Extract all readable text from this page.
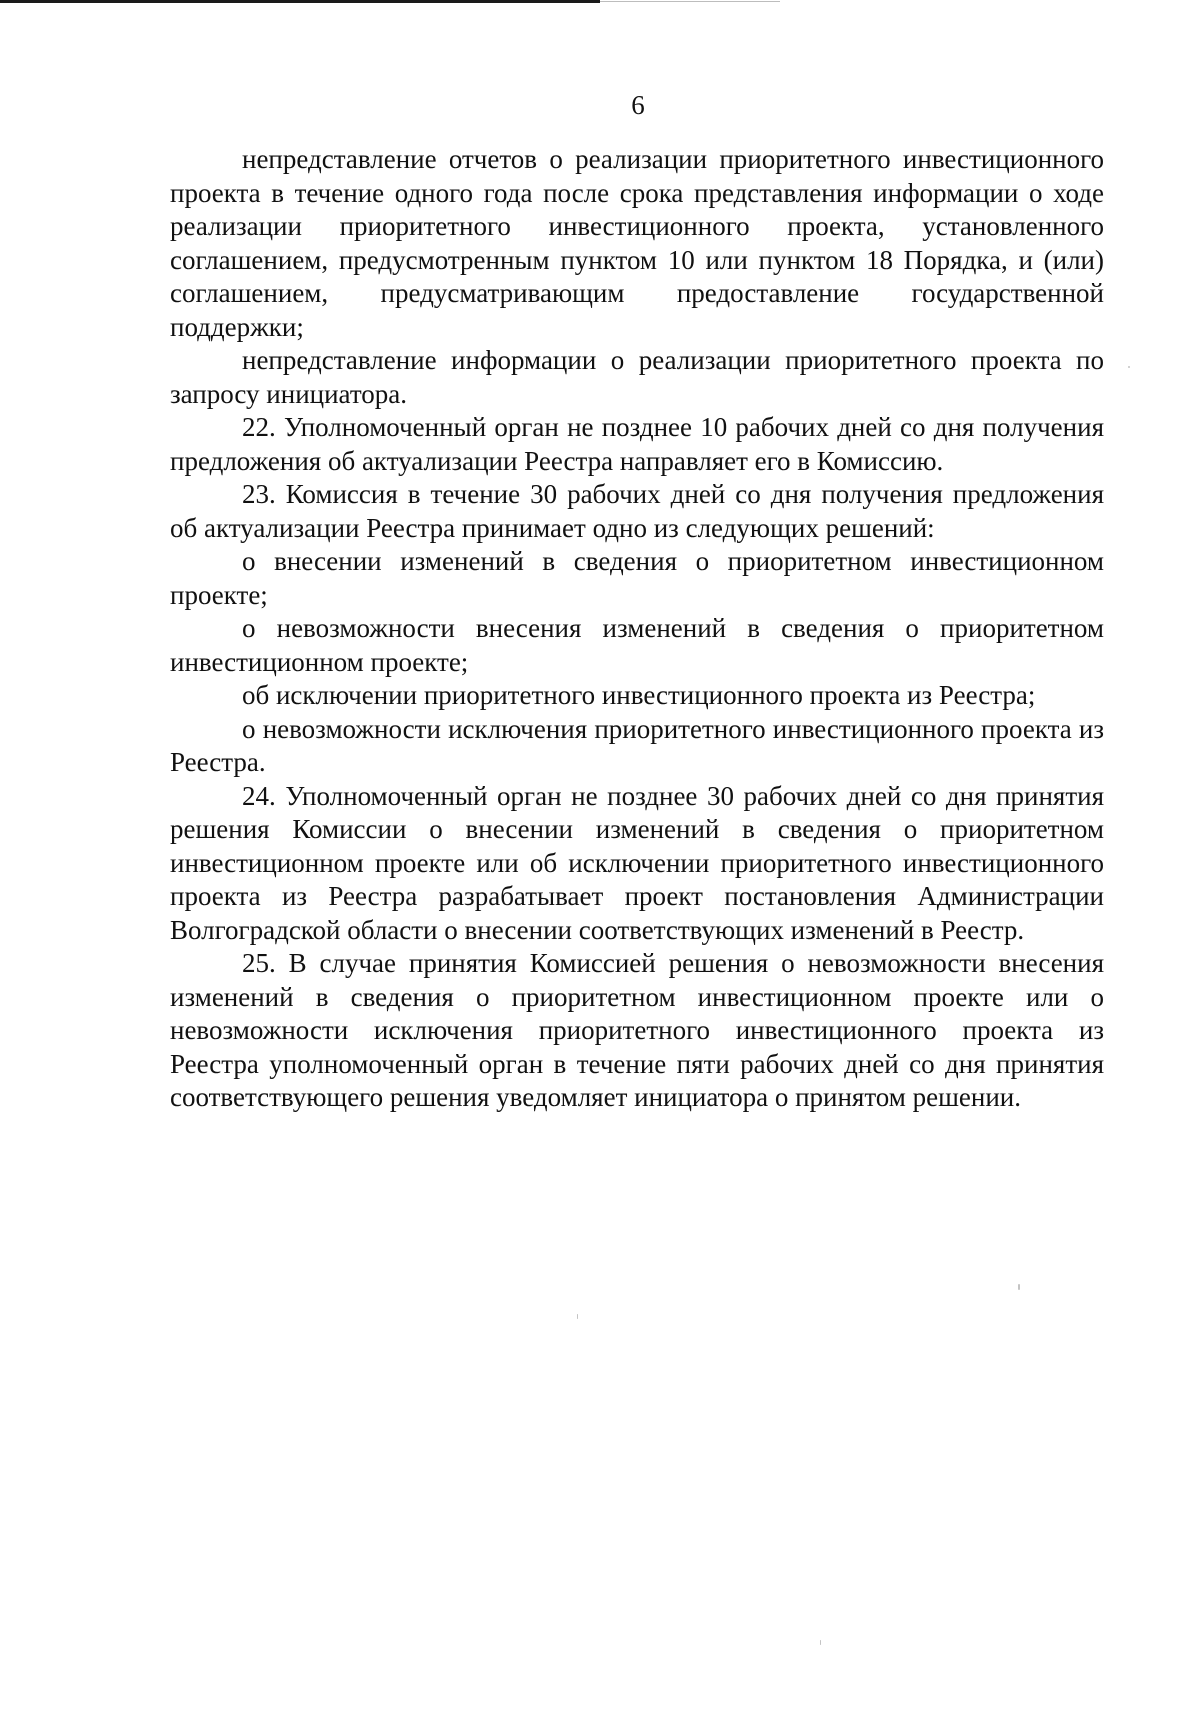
6

непредставление отчетов о реализации приоритетного инвестиционного проекта в течение одного года после срока представления информации о ходе реализации приоритетного инвестиционного проекта, установленного соглашением, предусмотренным пунктом 10 или пунктом 18 Порядка, и (или) соглашением, предусматривающим предоставление государственной поддержки;

непредставление информации о реализации приоритетного проекта по запросу инициатора.

22. Уполномоченный орган не позднее 10 рабочих дней со дня получения предложения об актуализации Реестра направляет его в Комиссию.

23. Комиссия в течение 30 рабочих дней со дня получения предложения об актуализации Реестра принимает одно из следующих решений:

о внесении изменений в сведения о приоритетном инвестиционном проекте;

о невозможности внесения изменений в сведения о приоритетном инвестиционном проекте;

об исключении приоритетного инвестиционного проекта из Реестра;

о невозможности исключения приоритетного инвестиционного проекта из Реестра.

24. Уполномоченный орган не позднее 30 рабочих дней со дня принятия решения Комиссии о внесении изменений в сведения о приоритетном инвестиционном проекте или об исключении приоритетного инвестиционного проекта из Реестра разрабатывает проект постановления Администрации Волгоградской области о внесении соответствующих изменений в Реестр.

25. В случае принятия Комиссией решения о невозможности внесения изменений в сведения о приоритетном инвестиционном проекте или о невозможности исключения приоритетного инвестиционного проекта из Реестра уполномоченный орган в течение пяти рабочих дней со дня принятия соответствующего решения уведомляет инициатора о принятом решении.
